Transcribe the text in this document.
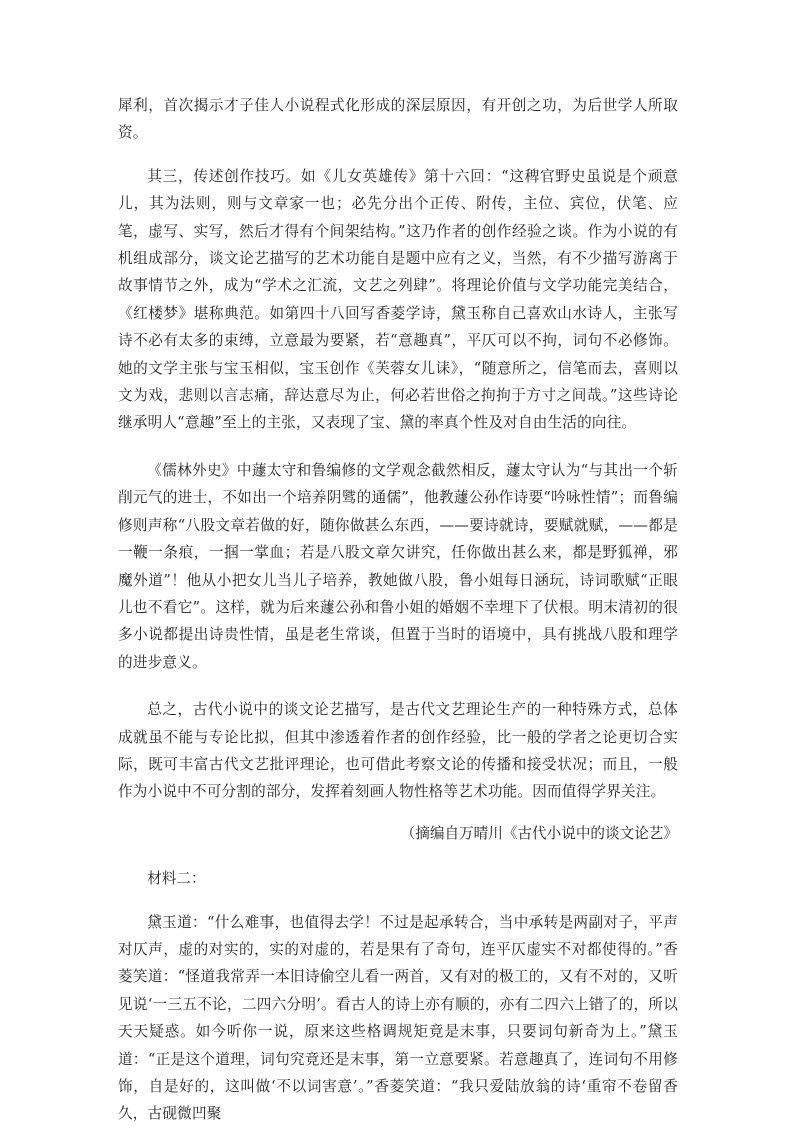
犀利，首次揭示才子佳人小说程式化形成的深层原因，有开创之功，为后世学人所取资。

其三，传述创作技巧。如《儿女英雄传》第十六回：“这稗官野史虽说是个顽意儿，其为法则，则与文章家一也；必先分出个正传、附传，主位、宾位，伏笔、应笔，虚写、实写，然后才得有个间架结构。”这乃作者的创作经验之谈。作为小说的有机组成部分，谈文论艺描写的艺术功能自是题中应有之义，当然，有不少描写游离于故事情节之外，成为“学术之汇流，文艺之列肆”。将理论价值与文学功能完美结合，《红楼梦》堪称典范。如第四十八回写香菱学诗，黛玉称自己喜欢山水诗人，主张写诗不必有太多的束缚，立意最为要紧，若“意趣真”，平仄可以不拘，词句不必修饰。她的文学主张与宝玉相似，宝玉创作《芙蓉女儿诔》，“随意所之，信笔而去，喜则以文为戏，悲则以言志痛，辞达意尽为止，何必若世俗之拘拘于方寸之间哉。”这些诗论继承明人“意趣”至上的主张，又表现了宝、黛的率真个性及对自由生活的向往。

《儒林外史》中蘧太守和鲁编修的文学观念截然相反，蘧太守认为“与其出一个斩削元气的进士，不如出一个培养阴骘的通儒”，他教蘧公孙作诗要“吟咏性情”；而鲁编修则声称“八股文章若做的好，随你做甚么东西，——要诗就诗，要赋就赋，——都是一鞭一条痕，一掴一掌血；若是八股文章欠讲究，任你做出甚么来，都是野狐禅，邪魔外道”！他从小把女儿当儿子培养，教她做八股，鲁小姐每日涵玩，诗词歌赋“正眼儿也不看它”。这样，就为后来蘧公孙和鲁小姐的婚姻不幸埋下了伏根。明末清初的很多小说都提出诗贵性情，虽是老生常谈，但置于当时的语境中，具有挑战八股和理学的进步意义。

总之，古代小说中的谈文论艺描写，是古代文艺理论生产的一种特殊方式，总体成就虽不能与专论比拟，但其中渗透着作者的创作经验，比一般的学者之论更切合实际，既可丰富古代文艺批评理论，也可借此考察文论的传播和接受状况；而且，一般作为小说中不可分割的部分，发挥着刻画人物性格等艺术功能。因而值得学界关注。

（摘编自万晴川《古代小说中的谈文论艺》
材料二：

黛玉道：“什么难事，也值得去学！不过是起承转合，当中承转是两副对子，平声对仄声，虚的对实的，实的对虚的，若是果有了奇句，连平仄虚实不对都使得的。”香菱笑道：“怪道我常弄一本旧诗偷空儿看一两首，又有对的极工的，又有不对的，又听见说‘一三五不论，二四六分明’。看古人的诗上亦有顺的，亦有二四六上错了的，所以天天疑惑。如今听你一说，原来这些格调规矩竟是末事，只要词句新奇为上。”黛玉道：“正是这个道理，词句究竟还是末事，第一立意要紧。若意趣真了，连词句不用修饰，自是好的，这叫做‘不以词害意’。”香菱笑道：“我只爱陆放翁的诗‘重帘不卷留香久，古砚微凹聚
